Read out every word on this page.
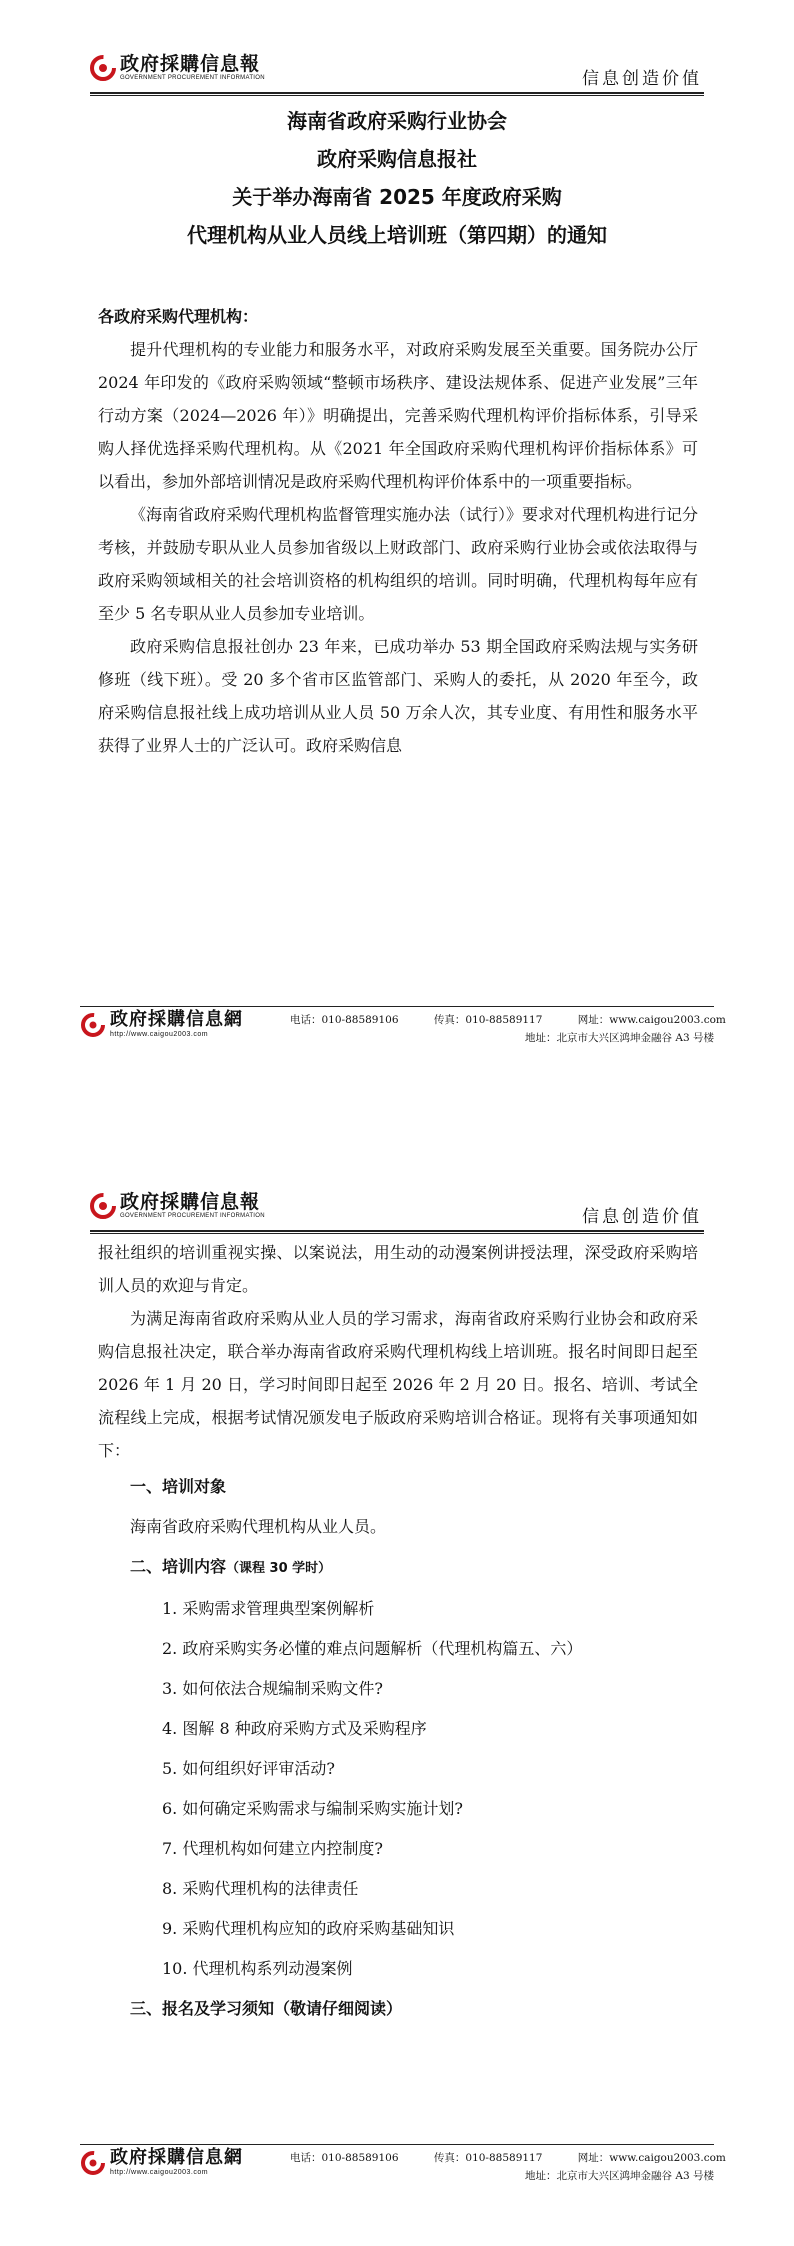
政府採購信息報
GOVERNMENT PROCUREMENT INFORMATION	信息创造价值
海南省政府采购行业协会
政府采购信息报社
关于举办海南省 2025 年度政府采购
代理机构从业人员线上培训班（第四期）的通知

各政府采购代理机构：

提升代理机构的专业能力和服务水平，对政府采购发展至关重要。国务院办公厅 2024 年印发的《政府采购领域“整顿市场秩序、建设法规体系、促进产业发展”三年行动方案（2024—2026 年）》明确提出，完善采购代理机构评价指标体系，引导采购人择优选择采购代理机构。从《2021 年全国政府采购代理机构评价指标体系》可以看出，参加外部培训情况是政府采购代理机构评价体系中的一项重要指标。

《海南省政府采购代理机构监督管理实施办法（试行）》要求对代理机构进行记分考核，并鼓励专职从业人员参加省级以上财政部门、政府采购行业协会或依法取得与政府采购领域相关的社会培训资格的机构组织的培训。同时明确，代理机构每年应有至少 5 名专职从业人员参加专业培训。

政府采购信息报社创办 23 年来，已成功举办 53 期全国政府采购法规与实务研修班（线下班）。受 20 多个省市区监管部门、采购人的委托，从 2020 年至今，政府采购信息报社线上成功培训从业人员 50 万余人次，其专业度、有用性和服务水平获得了业界人士的广泛认可。政府采购信息

政府採購信息網
http://www.caigou2003.com
电话：010-88589106	传真：010-88589117	网址：www.caigou2003.com
地址：北京市大兴区鸿坤金融谷 A3 号楼
政府採購信息報
GOVERNMENT PROCUREMENT INFORMATION	信息创造价值

报社组织的培训重视实操、以案说法，用生动的动漫案例讲授法理，深受政府采购培训人员的欢迎与肯定。

为满足海南省政府采购从业人员的学习需求，海南省政府采购行业协会和政府采购信息报社决定，联合举办海南省政府采购代理机构线上培训班。报名时间即日起至 2026 年 1 月 20 日，学习时间即日起至 2026 年 2 月 20 日。报名、培训、考试全流程线上完成，根据考试情况颁发电子版政府采购培训合格证。现将有关事项通知如下：

一、培训对象

海南省政府采购代理机构从业人员。

二、培训内容（课程 30 学时）

1. 采购需求管理典型案例解析

2. 政府采购实务必懂的难点问题解析（代理机构篇五、六）

3. 如何依法合规编制采购文件?

4. 图解 8 种政府采购方式及采购程序

5. 如何组织好评审活动?

6. 如何确定采购需求与编制采购实施计划?

7. 代理机构如何建立内控制度?

8. 采购代理机构的法律责任

9. 采购代理机构应知的政府采购基础知识

10. 代理机构系列动漫案例

三、报名及学习须知（敬请仔细阅读）

政府採購信息網
http://www.caigou2003.com
电话：010-88589106	传真：010-88589117	网址：www.caigou2003.com
地址：北京市大兴区鸿坤金融谷 A3 号楼
